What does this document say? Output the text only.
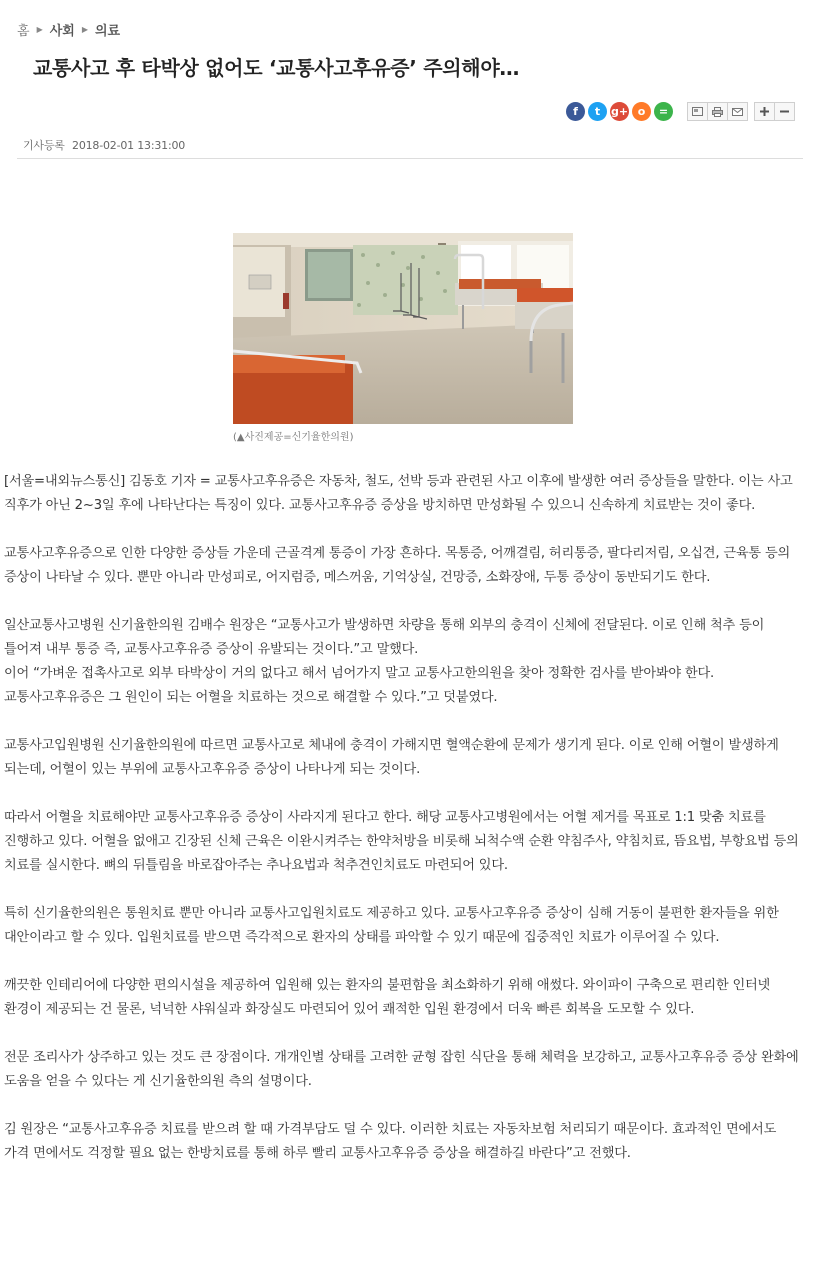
홈 ▶ 사회 ▶ 의료
교통사고 후 타박상 없어도 ‘교통사고후유증’ 주의해야…
f	t g+ o	=
기사등록 2018-02-01 13:31:00
(▲사진제공=신기율한의원)

[서울=내외뉴스통신] 김동호 기자 = 교통사고후유증은 자동차, 철도, 선박 등과 관련된 사고 이후에 발생한 여러 증상들을 말한다. 이는 사고 직후가 아닌 2~3일 후에 나타난다는 특징이 있다. 교통사고후유증 증상을 방치하면 만성화될 수 있으니 신속하게 치료받는 것이 좋다.

교통사고후유증으로 인한 다양한 증상들 가운데 근골격계 통증이 가장 흔하다. 목통증, 어깨결림, 허리통증, 팔다리저림, 오십견, 근육통 등의 증상이 나타날 수 있다. 뿐만 아니라 만성피로, 어지럼증, 메스꺼움, 기억상실, 건망증, 소화장애, 두통 증상이 동반되기도 한다.

일산교통사고병원 신기율한의원 김배수 원장은 “교통사고가 발생하면 차량을 통해 외부의 충격이 신체에 전달된다. 이로 인해 척추 등이 틀어져 내부 통증 즉, 교통사고후유증 증상이 유발되는 것이다.”고 말했다.
이어 “가벼운 접촉사고로 외부 타박상이 거의 없다고 해서 넘어가지 말고 교통사고한의원을 찾아 정확한 검사를 받아봐야 한다. 교통사고후유증은 그 원인이 되는 어혈을 치료하는 것으로 해결할 수 있다.”고 덧붙였다.

교통사고입원병원 신기율한의원에 따르면 교통사고로 체내에 충격이 가해지면 혈액순환에 문제가 생기게 된다. 이로 인해 어혈이 발생하게 되는데, 어혈이 있는 부위에 교통사고후유증 증상이 나타나게 되는 것이다.

따라서 어혈을 치료해야만 교통사고후유증 증상이 사라지게 된다고 한다. 해당 교통사고병원에서는 어혈 제거를 목표로 1:1 맞춤 치료를 진행하고 있다. 어혈을 없애고 긴장된 신체 근육은 이완시켜주는 한약처방을 비롯해 뇌척수액 순환 약침주사, 약침치료, 뜸요법, 부항요법 등의 치료를 실시한다. 뼈의 뒤틀림을 바로잡아주는 추나요법과 척추견인치료도 마련되어 있다.

특히 신기율한의원은 통원치료 뿐만 아니라 교통사고입원치료도 제공하고 있다. 교통사고후유증 증상이 심해 거동이 불편한 환자들을 위한 대안이라고 할 수 있다. 입원치료를 받으면 즉각적으로 환자의 상태를 파악할 수 있기 때문에 집중적인 치료가 이루어질 수 있다.

깨끗한 인테리어에 다양한 편의시설을 제공하여 입원해 있는 환자의 불편함을 최소화하기 위해 애썼다. 와이파이 구축으로 편리한 인터넷 환경이 제공되는 건 물론, 넉넉한 샤워실과 화장실도 마련되어 있어 쾌적한 입원 환경에서 더욱 빠른 회복을 도모할 수 있다.

전문 조리사가 상주하고 있는 것도 큰 장점이다. 개개인별 상태를 고려한 균형 잡힌 식단을 통해 체력을 보강하고, 교통사고후유증 증상 완화에 도움을 얻을 수 있다는 게 신기율한의원 측의 설명이다.

김 원장은 “교통사고후유증 치료를 받으려 할 때 가격부담도 덜 수 있다. 이러한 치료는 자동차보험 처리되기 때문이다. 효과적인 면에서도 가격 면에서도 걱정할 필요 없는 한방치료를 통해 하루 빨리 교통사고후유증 증상을 해결하길 바란다”고 전했다.
